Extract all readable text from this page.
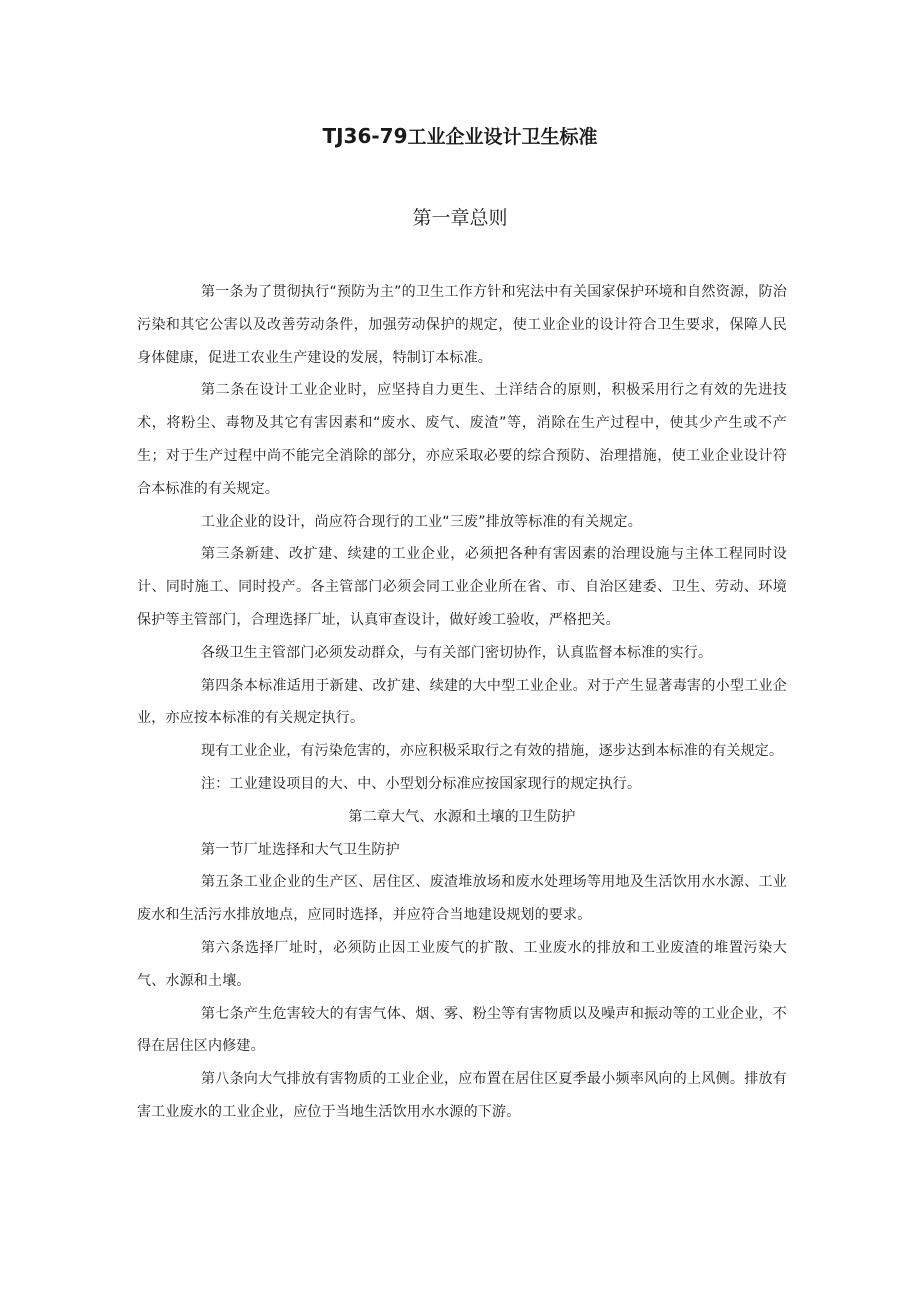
TJ36-79工业企业设计卫生标准
第一章总则

第一条为了贯彻执行“预防为主”的卫生工作方针和宪法中有关国家保护环境和自然资源，防治污染和其它公害以及改善劳动条件，加强劳动保护的规定，使工业企业的设计符合卫生要求，保障人民身体健康，促进工农业生产建设的发展，特制订本标准。

第二条在设计工业企业时，应坚持自力更生、土洋结合的原则，积极采用行之有效的先进技术，将粉尘、毒物及其它有害因素和“废水、废气、废渣”等，消除在生产过程中，使其少产生或不产生；对于生产过程中尚不能完全消除的部分，亦应采取必要的综合预防、治理措施，使工业企业设计符合本标准的有关规定。

工业企业的设计，尚应符合现行的工业“三废”排放等标准的有关规定。

第三条新建、改扩建、续建的工业企业，必须把各种有害因素的治理设施与主体工程同时设计、同时施工、同时投产。各主管部门必须会同工业企业所在省、市、自治区建委、卫生、劳动、环境保护等主管部门，合理选择厂址，认真审查设计，做好竣工验收，严格把关。

各级卫生主管部门必须发动群众，与有关部门密切协作，认真监督本标准的实行。

第四条本标准适用于新建、改扩建、续建的大中型工业企业。对于产生显著毒害的小型工业企业，亦应按本标准的有关规定执行。

现有工业企业，有污染危害的，亦应积极采取行之有效的措施，逐步达到本标准的有关规定。

注：工业建设项目的大、中、小型划分标准应按国家现行的规定执行。

第二章大气、水源和土壤的卫生防护

第一节厂址选择和大气卫生防护

第五条工业企业的生产区、居住区、废渣堆放场和废水处理场等用地及生活饮用水水源、工业废水和生活污水排放地点，应同时选择，并应符合当地建设规划的要求。

第六条选择厂址时，必须防止因工业废气的扩散、工业废水的排放和工业废渣的堆置污染大气、水源和土壤。

第七条产生危害较大的有害气体、烟、雾、粉尘等有害物质以及噪声和振动等的工业企业，不得在居住区内修建。

第八条向大气排放有害物质的工业企业，应布置在居住区夏季最小频率风向的上风侧。排放有害工业废水的工业企业，应位于当地生活饮用水水源的下游。
